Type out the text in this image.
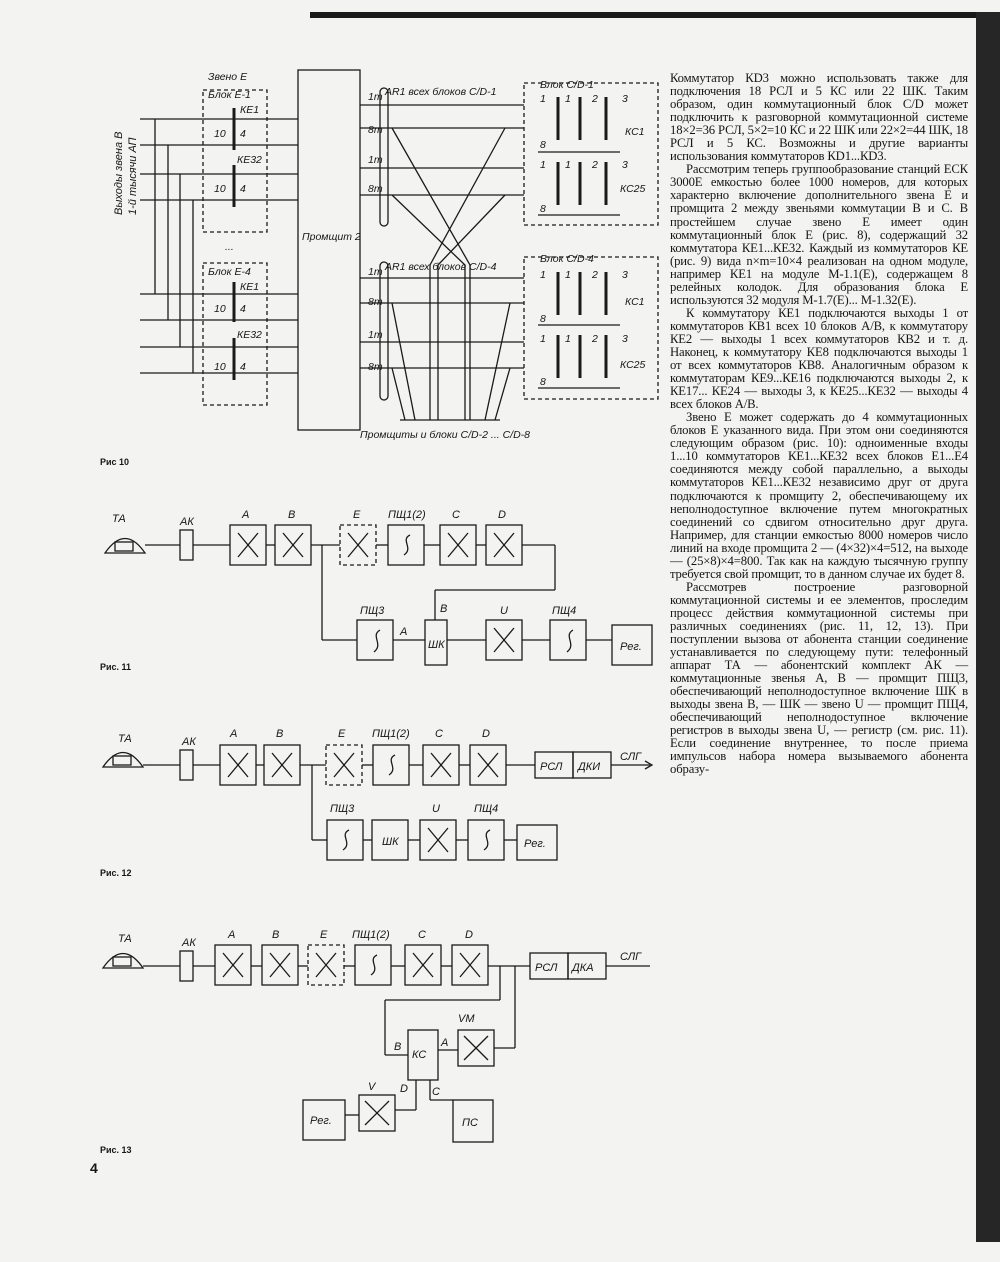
Звено Е
Блок Е-1
КЕ1
10 4
КЕ32
10 4
...
Блок Е-4
КЕ1
10 4
КЕ32
10 4
Промщит 2
AR1 всех блоков С/D-1
AR1 всех блоков С/D-4
Блок С/D-1
Блок С/D-4
1т
8т
1т
8т
1т
8т
1т
8т
КС1
КС25
КС1
КС25
1 1 2 3
8
1 1 2 3
8
1 1 2 3
8
1 1 2 3
8
Промщиты и блоки С/D-2 ... С/D-8
Выходы звена В 1-й тысячи АП
Рис 10
ТА	АК
А	В	Е	ПЩ1(2) С	D
ПЩ3
А
В
ШК
U	ПЩ4
Рег.
Рис. 11
ТА	АК
А	В	Е ПЩ1(2) С	D
РСЛ ДКИ
СЛГ
ПЩ3
ШК
U	ПЩ4
Рег.
Рис. 12
ТА	АК
А	В	Е ПЩ1(2)	С	D
РСЛ ДКА
СЛГ
VM
КС
В	А
D С
V
Рег.	ПС
Рис. 13
4

Коммутатор КD3 можно использовать также для подключения 18 РСЛ и 5 КС или 22 ШК. Таким образом, один коммутационный блок С/D может подключить к разговорной коммутационной системе 18×2=36 РСЛ, 5×2=10 КС и 22 ШК или 22×2=44 ШК, 18 РСЛ и 5 КС. Возможны и другие варианты использования коммутаторов КD1...КD3.

Рассмотрим теперь группообразование станций ЕСК 3000Е емкостью более 1000 номеров, для которых характерно включение дополнительного звена Е и промщита 2 между звеньями коммутации В и С. В простейшем случае звено Е имеет один коммутационный блок Е (рис. 8), содержащий 32 коммутатора КЕ1...КЕ32. Каждый из коммутаторов КЕ (рис. 9) вида n×m=10×4 реализован на одном модуле, например КЕ1 на модуле М-1.1(Е), содержащем 8 релейных колодок. Для образования блока Е используются 32 модуля М-1.7(Е)... М-1.32(Е).

К коммутатору КЕ1 подключаются выходы 1 от коммутаторов КВ1 всех 10 блоков А/В, к коммутатору КЕ2 — выходы 1 всех коммутаторов КВ2 и т. д. Наконец, к коммутатору КЕ8 подключаются выходы 1 от всех коммутаторов КВ8. Аналогичным образом к коммутаторам КЕ9...КЕ16 подключаются выходы 2, к КЕ17... КЕ24 — выходы 3, к КЕ25...КЕ32 — выходы 4 всех блоков А/В.

Звено Е может содержать до 4 коммутационных блоков Е указанного вида. При этом они соединяются следующим образом (рис. 10): одноименные входы 1...10 коммутаторов КЕ1...КЕ32 всех блоков Е1...Е4 соединяются между собой параллельно, а выходы коммутаторов КЕ1...КЕ32 независимо друг от друга подключаются к промщиту 2, обеспечивающему их неполнодоступное включение путем многократных соединений со сдвигом относительно друг друга. Например, для станции емкостью 8000 номеров число линий на входе промщита 2 — (4×32)×4=512, на выходе — (25×8)×4=800. Так как на каждую тысячную группу требуется свой промщит, то в данном случае их будет 8.

Рассмотрев построение разговорной коммутационной системы и ее элементов, проследим процесс действия коммутационной системы при различных соединениях (рис. 11, 12, 13). При поступлении вызова от абонента станции соединение устанавливается по следующему пути: телефонный аппарат ТА — абонентский комплект АК — коммутационные звенья А, В — промщит ПЩ3, обеспечивающий неполнодоступное включение ШК в выходы звена В, — ШК — звено U — промщит ПЩ4, обеспечивающий неполнодоступное включение регистров в выходы звена U, — регистр (см. рис. 11). Если соединение внутреннее, то после приема импульсов набора номера вызываемого абонента образу-
